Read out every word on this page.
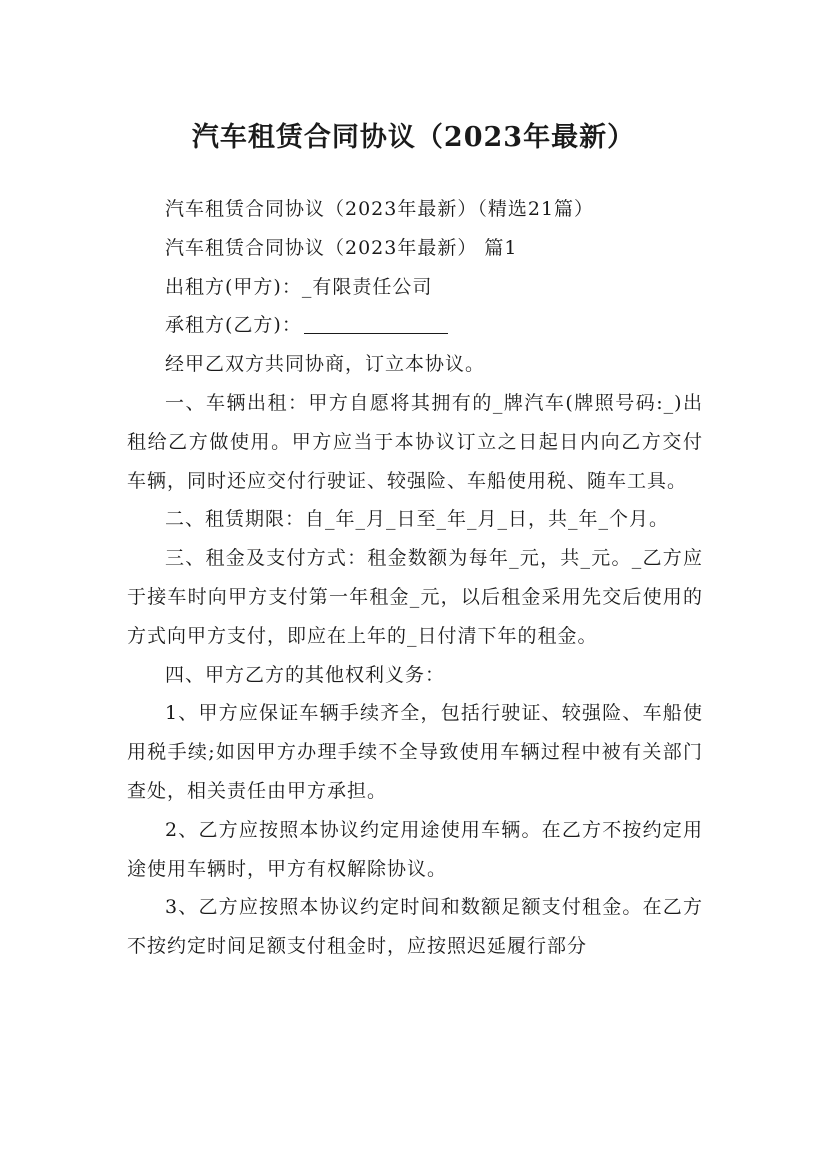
汽车租赁合同协议（2023年最新）

汽车租赁合同协议（2023年最新）（精选21篇）

汽车租赁合同协议（2023年最新） 篇1

出租方(甲方)：_有限责任公司

承租方(乙方)：

经甲乙双方共同协商，订立本协议。

一、车辆出租：甲方自愿将其拥有的_牌汽车(牌照号码:_)出租给乙方做使用。甲方应当于本协议订立之日起日内向乙方交付车辆，同时还应交付行驶证、较强险、车船使用税、随车工具。

二、租赁期限：自_年_月_日至_年_月_日，共_年_个月。

三、租金及支付方式：租金数额为每年_元，共_元。_乙方应于接车时向甲方支付第一年租金_元，以后租金采用先交后使用的方式向甲方支付，即应在上年的_日付清下年的租金。

四、甲方乙方的其他权利义务：

1、甲方应保证车辆手续齐全，包括行驶证、较强险、车船使用税手续;如因甲方办理手续不全导致使用车辆过程中被有关部门查处，相关责任由甲方承担。

2、乙方应按照本协议约定用途使用车辆。在乙方不按约定用途使用车辆时，甲方有权解除协议。

3、乙方应按照本协议约定时间和数额足额支付租金。在乙方不按约定时间足额支付租金时，应按照迟延履行部分
